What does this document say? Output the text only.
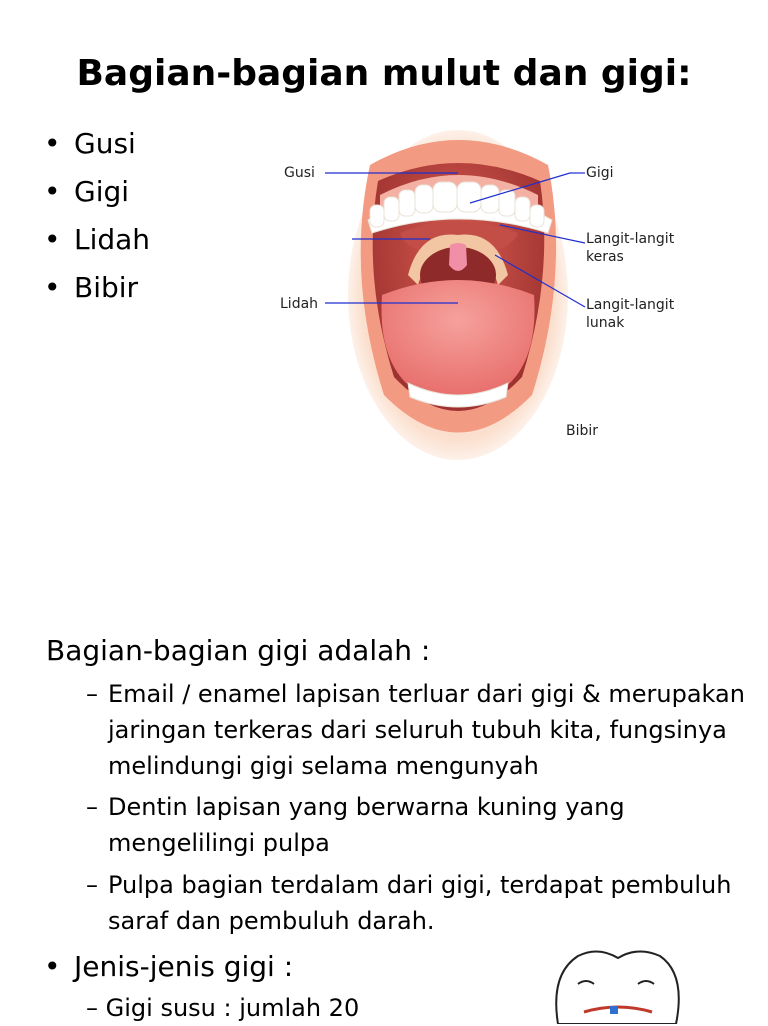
Bagian-bagian mulut dan gigi:
• Gusi
• Gigi
• Lidah
• Bibir
Gusi	Gigi
Langit-langit
keras
Lidah	Langit-langit
lunak
Bibir
Bagian-bagian gigi adalah :
– Email / enamel lapisan terluar dari gigi & merupakan jaringan terkeras dari seluruh tubuh kita, fungsinya melindungi gigi selama mengunyah
– Dentin lapisan yang berwarna kuning yang mengelilingi pulpa
– Pulpa bagian terdalam dari gigi, terdapat pembuluh saraf dan pembuluh darah.
• Jenis-jenis gigi :
– Gigi susu : jumlah 20
